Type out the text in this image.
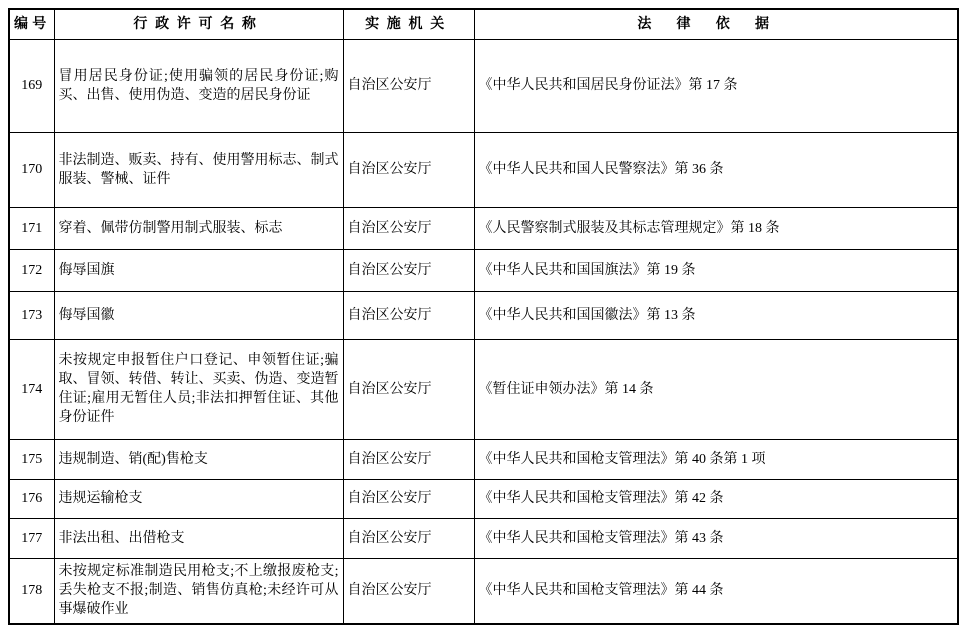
编号	行政许可名称	实施机关	法律依据
169	冒用居民身份证;使用骗领的居民身份证;购买、出售、使用伪造、变造的居民身份证	自治区公安厅	《中华人民共和国居民身份证法》第 17 条
170	非法制造、贩卖、持有、使用警用标志、制式服装、警械、证件	自治区公安厅	《中华人民共和国人民警察法》第 36 条
171	穿着、佩带仿制警用制式服装、标志	自治区公安厅	《人民警察制式服装及其标志管理规定》第 18 条
172	侮辱国旗	自治区公安厅	《中华人民共和国国旗法》第 19 条
173	侮辱国徽	自治区公安厅	《中华人民共和国国徽法》第 13 条
174	未按规定申报暂住户口登记、申领暂住证;骗取、冒领、转借、转让、买卖、伪造、变造暂住证;雇用无暂住人员;非法扣押暂住证、其他身份证件	自治区公安厅	《暂住证申领办法》第 14 条
175	违规制造、销(配)售枪支	自治区公安厅	《中华人民共和国枪支管理法》第 40 条第 1 项
176	违规运输枪支	自治区公安厅	《中华人民共和国枪支管理法》第 42 条
177	非法出租、出借枪支	自治区公安厅	《中华人民共和国枪支管理法》第 43 条
178	未按规定标准制造民用枪支;不上缴报废枪支;丢失枪支不报;制造、销售仿真枪;未经许可从事爆破作业	自治区公安厅	《中华人民共和国枪支管理法》第 44 条
